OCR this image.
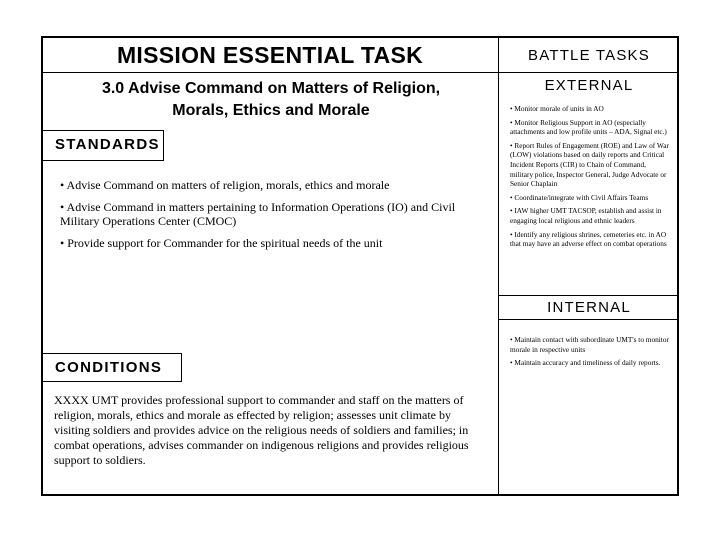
MISSION ESSENTIAL TASK
3.0 Advise Command on Matters of Religion,
Morals, Ethics and Morale
STANDARDS
• Advise Command on matters of religion, morals, ethics and morale
• Advise Command in matters pertaining to Information Operations (IO) and Civil Military Operations Center (CMOC)
• Provide support for Commander for the spiritual needs of the unit
CONDITIONS
XXXX UMT provides professional support to commander and staff on the matters of religion, morals, ethics and morale as effected by religion; assesses unit climate by visiting soldiers and provides advice on the religious needs of soldiers and families; in combat operations, advises commander on indigenous religions and provides religious support to soldiers.
BATTLE TASKS
EXTERNAL
• Monitor morale of units in AO
• Monitor Religious Support in AO (especially attachments and low profile units – ADA, Signal etc.)
• Report Rules of Engagement (ROE) and Law of War (LOW) violations based on daily reports and Critical Incident Reports (CIR) to Chain of Command, military police, Inspector General, Judge Advocate or Senior Chaplain
• Coordinate/integrate with Civil Affairs Teams
• IAW higher UMT TACSOP, establish and assist in engaging local religious and ethnic leaders
• Identify any religious shrines, cemeteries etc. in AO that may have an adverse effect on combat operations
INTERNAL
• Maintain contact with subordinate UMT's to monitor morale in respective units
• Maintain accuracy and timeliness of daily reports.
